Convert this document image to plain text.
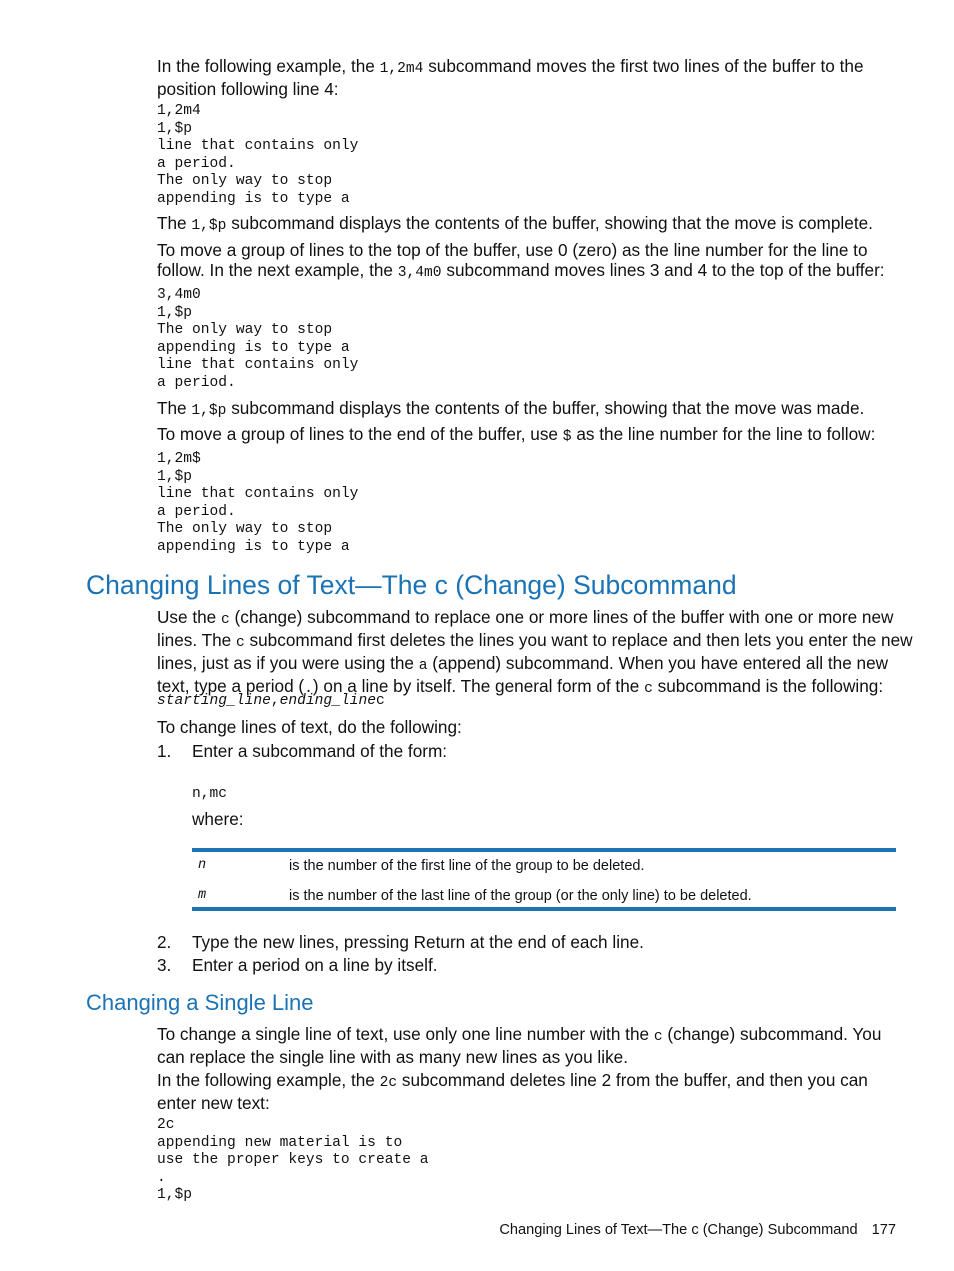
In the following example, the 1,2m4 subcommand moves the first two lines of the buffer to the
position following line 4:

1,2m4
1,$p
line that contains only
a period.
The only way to stop
appending is to type a

The 1,$p subcommand displays the contents of the buffer, showing that the move is complete.

To move a group of lines to the top of the buffer, use 0 (zero) as the line number for the line to
follow. In the next example, the 3,4m0 subcommand moves lines 3 and 4 to the top of the buffer:

3,4m0
1,$p
The only way to stop
appending is to type a
line that contains only
a period.

The 1,$p subcommand displays the contents of the buffer, showing that the move was made.

To move a group of lines to the end of the buffer, use $ as the line number for the line to follow:

1,2m$
1,$p
line that contains only
a period.
The only way to stop
appending is to type a
Changing Lines of Text—The c (Change) Subcommand

Use the c (change) subcommand to replace one or more lines of the buffer with one or more new
lines. The c subcommand first deletes the lines you want to replace and then lets you enter the new
lines, just as if you were using the a (append) subcommand. When you have entered all the new
text, type a period (.) on a line by itself. The general form of the c subcommand is the following:

starting_line,ending_linec

To change lines of text, do the following:

1. Enter a subcommand of the form:
n,mc
where:
n	is the number of the first line of the group to be deleted.
m	is the number of the last line of the group (or the only line) to be deleted.
2. Type the new lines, pressing Return at the end of each line.
3. Enter a period on a line by itself.
Changing a Single Line

To change a single line of text, use only one line number with the c (change) subcommand. You
can replace the single line with as many new lines as you like.

In the following example, the 2c subcommand deletes line 2 from the buffer, and then you can
enter new text:

2c
appending new material is to
use the proper keys to create a
.
1,$p
Changing Lines of Text—The c (Change) Subcommand 177
